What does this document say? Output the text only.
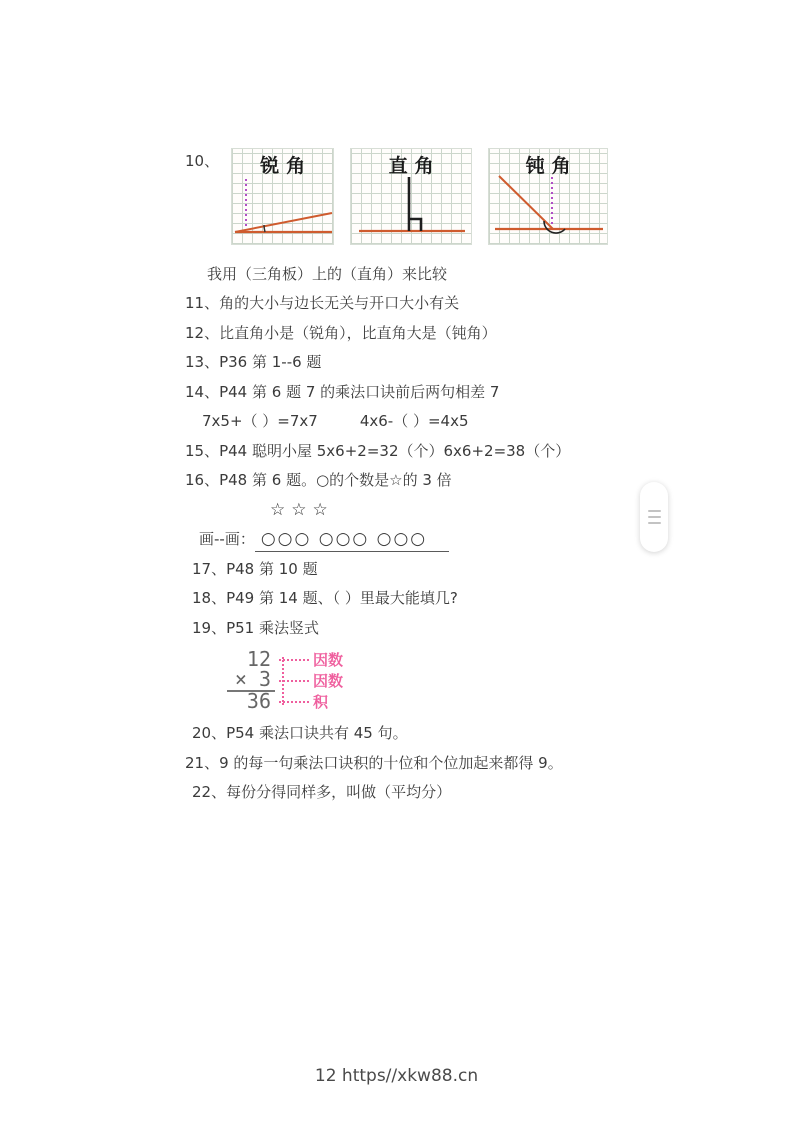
10、	锐角	直角	钝角
我用（三角板）上的（直角）来比较
11、角的大小与边长无关与开口大小有关
12、比直角小是（锐角），比直角大是（钝角）
13、P36 第 1--6 题
14、P44 第 6 题 7 的乘法口诀前后两句相差 7
7x5+（ ）=7x7	4x6-（ ）=4x5
15、P44 聪明小屋 5x6+2=32（个）6x6+2=38（个）
16、P48 第 6 题。○的个数是☆的 3 倍
☆☆☆
画--画： ○○○ ○○○ ○○○
17、P48 第 10 题
18、P49 第 14 题、（ ）里最大能填几?
19、P51 乘法竖式
12	因数
× 3	因数
36	积
20、P54 乘法口诀共有 45 句。
21、9 的每一句乘法口诀积的十位和个位加起来都得 9。
22、每份分得同样多，叫做（平均分）
12 https//xkw88.cn
